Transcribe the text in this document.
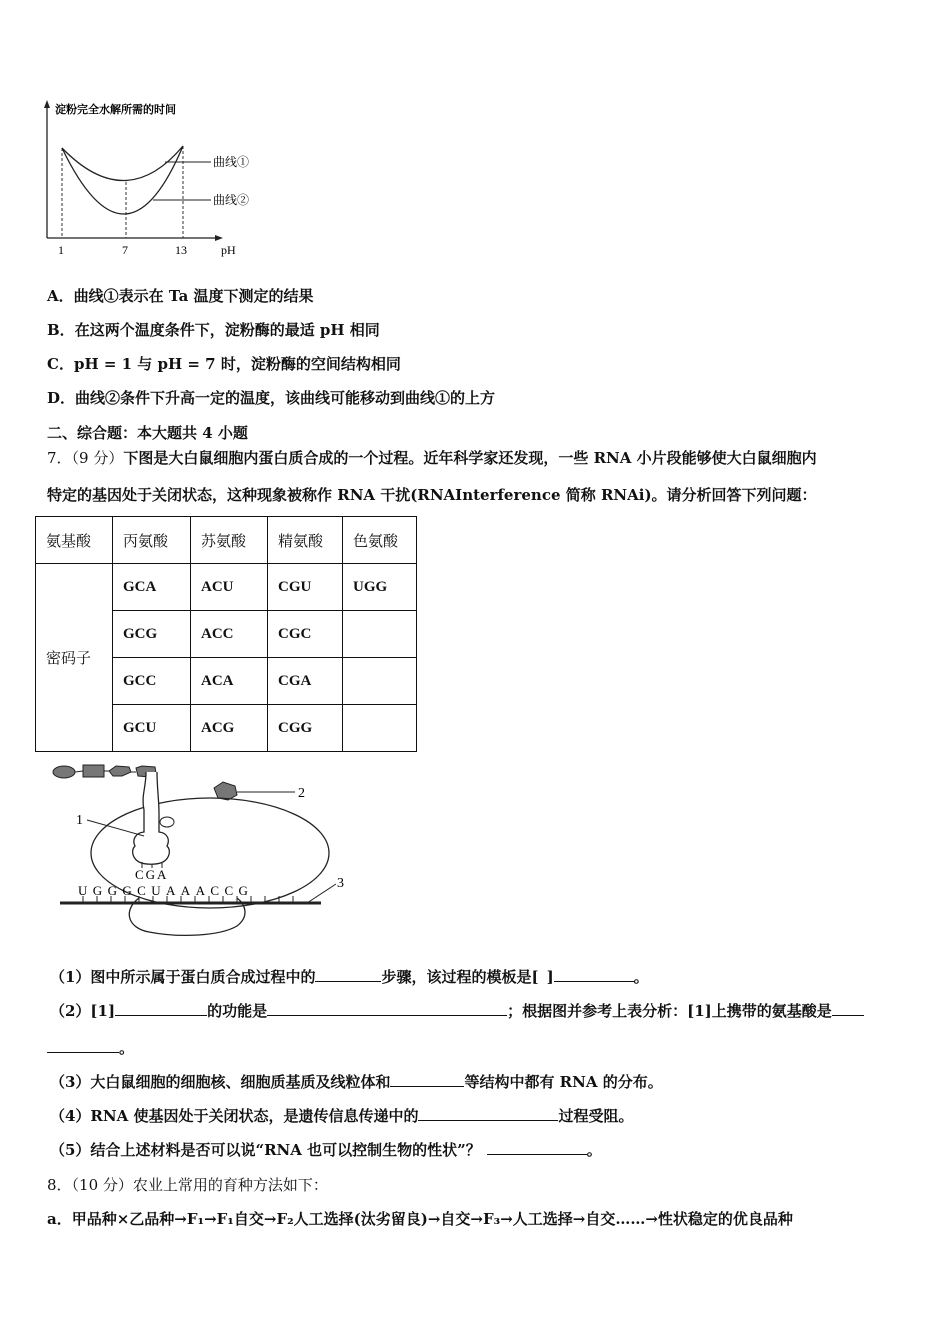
淀粉完全水解所需的时间
曲线①
曲线②
1	7	13	pH
A．曲线①表示在 Ta 温度下测定的结果
B．在这两个温度条件下，淀粉酶的最适 pH 相同
C．pH = 1 与 pH = 7 时，淀粉酶的空间结构相同
D．曲线②条件下升高一定的温度，该曲线可能移动到曲线①的上方
二、综合题：本大题共 4 小题
7．（9 分）下图是大白鼠细胞内蛋白质合成的一个过程。近年科学家还发现，一些 RNA 小片段能够使大白鼠细胞内
特定的基因处于关闭状态，这种现象被称作 RNA 干扰(RNAInterference 简称 RNAi)。请分析回答下列问题：
氨基酸	丙氨酸	苏氨酸	精氨酸	色氨酸
密码子	GCA	ACU	CGU	UGG
	GCG	ACC	CGC	
	GCC	ACA	CGA	
	GCU	ACG	CGG	
2
1
CGA
3
UGGGCUAAACCG
（1）图中所示属于蛋白质合成过程中的	步骤，该过程的模板是[ ]	。
（2）[1]	的功能是	；根据图并参考上表分析：[1]上携带的氨基酸是
。
（3）大白鼠细胞的细胞核、细胞质基质及线粒体和	等结构中都有 RNA 的分布。
（4）RNA 使基因处于关闭状态，是遗传信息传递中的	过程受阻。
（5）结合上述材料是否可以说“RNA 也可以控制生物的性状”？	。
8．（10 分）农业上常用的育种方法如下：
a．甲品种×乙品种→F₁→F₁自交→F₂人工选择(汰劣留良)→自交→F₃→人工选择→自交……→性状稳定的优良品种
